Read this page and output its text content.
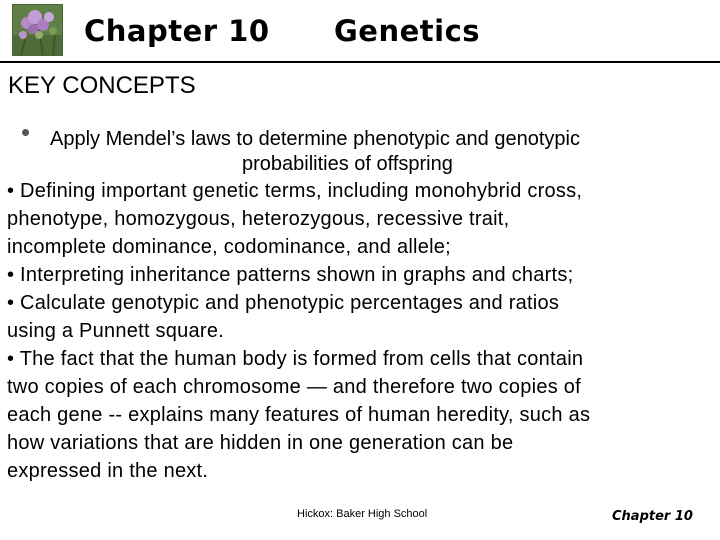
Chapter 10 Genetics
KEY CONCEPTS
• Apply Mendel’s laws to determine phenotypic and genotypic
probabilities of offspring
• Defining important genetic terms, including monohybrid cross,
phenotype, homozygous, heterozygous, recessive trait,
incomplete dominance, codominance, and allele;
• Interpreting inheritance patterns shown in graphs and charts;
• Calculate genotypic and phenotypic percentages and ratios
using a Punnett square.
• The fact that the human body is formed from cells that contain
two copies of each chromosome — and therefore two copies of
each gene -- explains many features of human heredity, such as
how variations that are hidden in one generation can be
expressed in the next.
Hickox: Baker High School	Chapter 10
